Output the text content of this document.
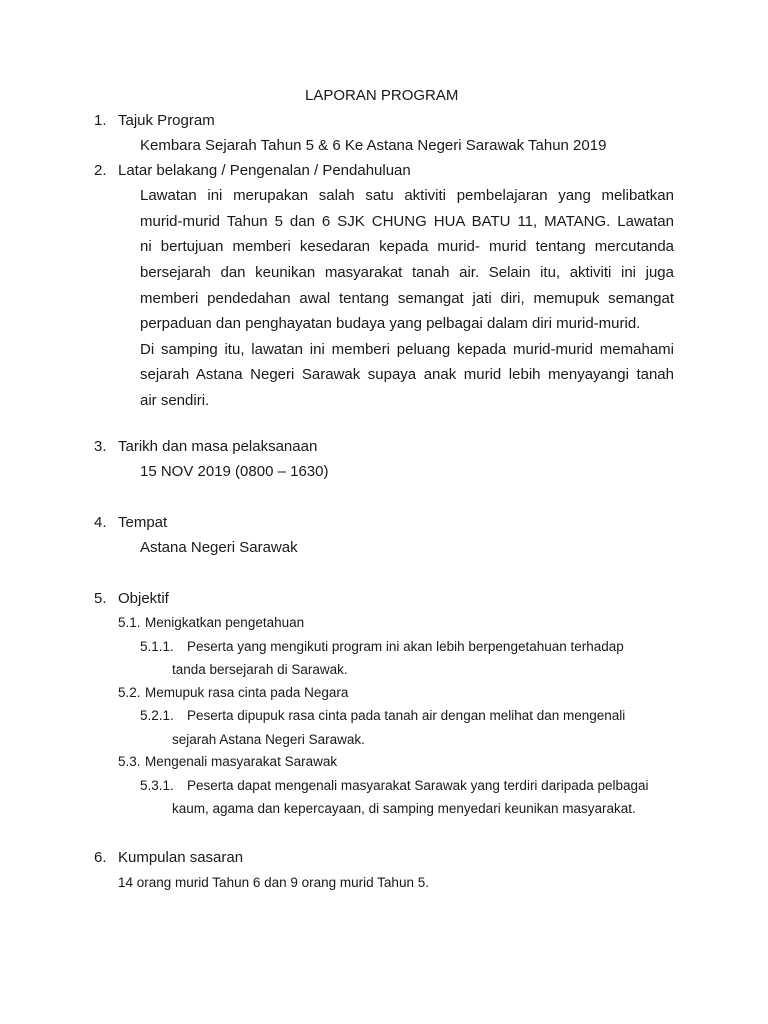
LAPORAN PROGRAM
1. Tajuk Program
Kembara Sejarah Tahun 5 & 6 Ke Astana Negeri Sarawak Tahun 2019
2. Latar belakang / Pengenalan / Pendahuluan
Lawatan ini merupakan salah satu aktiviti pembelajaran yang melibatkan
murid-murid Tahun 5 dan 6 SJK CHUNG HUA BATU 11, MATANG. Lawatan
ni bertujuan memberi kesedaran kepada murid- murid tentang mercutanda
bersejarah dan keunikan masyarakat tanah air. Selain itu, aktiviti ini juga
memberi pendedahan awal tentang semangat jati diri, memupuk semangat
perpaduan dan penghayatan budaya yang pelbagai dalam diri murid-murid.
Di samping itu, lawatan ini memberi peluang kepada murid-murid memahami
sejarah Astana Negeri Sarawak supaya anak murid lebih menyayangi tanah
air sendiri.
3. Tarikh dan masa pelaksanaan
15 NOV 2019 (0800 – 1630)
4. Tempat
Astana Negeri Sarawak
5. Objektif
5.1. Menigkatkan pengetahuan
5.1.1. Peserta yang mengikuti program ini akan lebih berpengetahuan terhadap
tanda bersejarah di Sarawak.
5.2. Memupuk rasa cinta pada Negara
5.2.1. Peserta dipupuk rasa cinta pada tanah air dengan melihat dan mengenali
sejarah Astana Negeri Sarawak.
5.3. Mengenali masyarakat Sarawak
5.3.1. Peserta dapat mengenali masyarakat Sarawak yang terdiri daripada pelbagai
kaum, agama dan kepercayaan, di samping menyedari keunikan masyarakat.
6. Kumpulan sasaran
14 orang murid Tahun 6 dan 9 orang murid Tahun 5.
